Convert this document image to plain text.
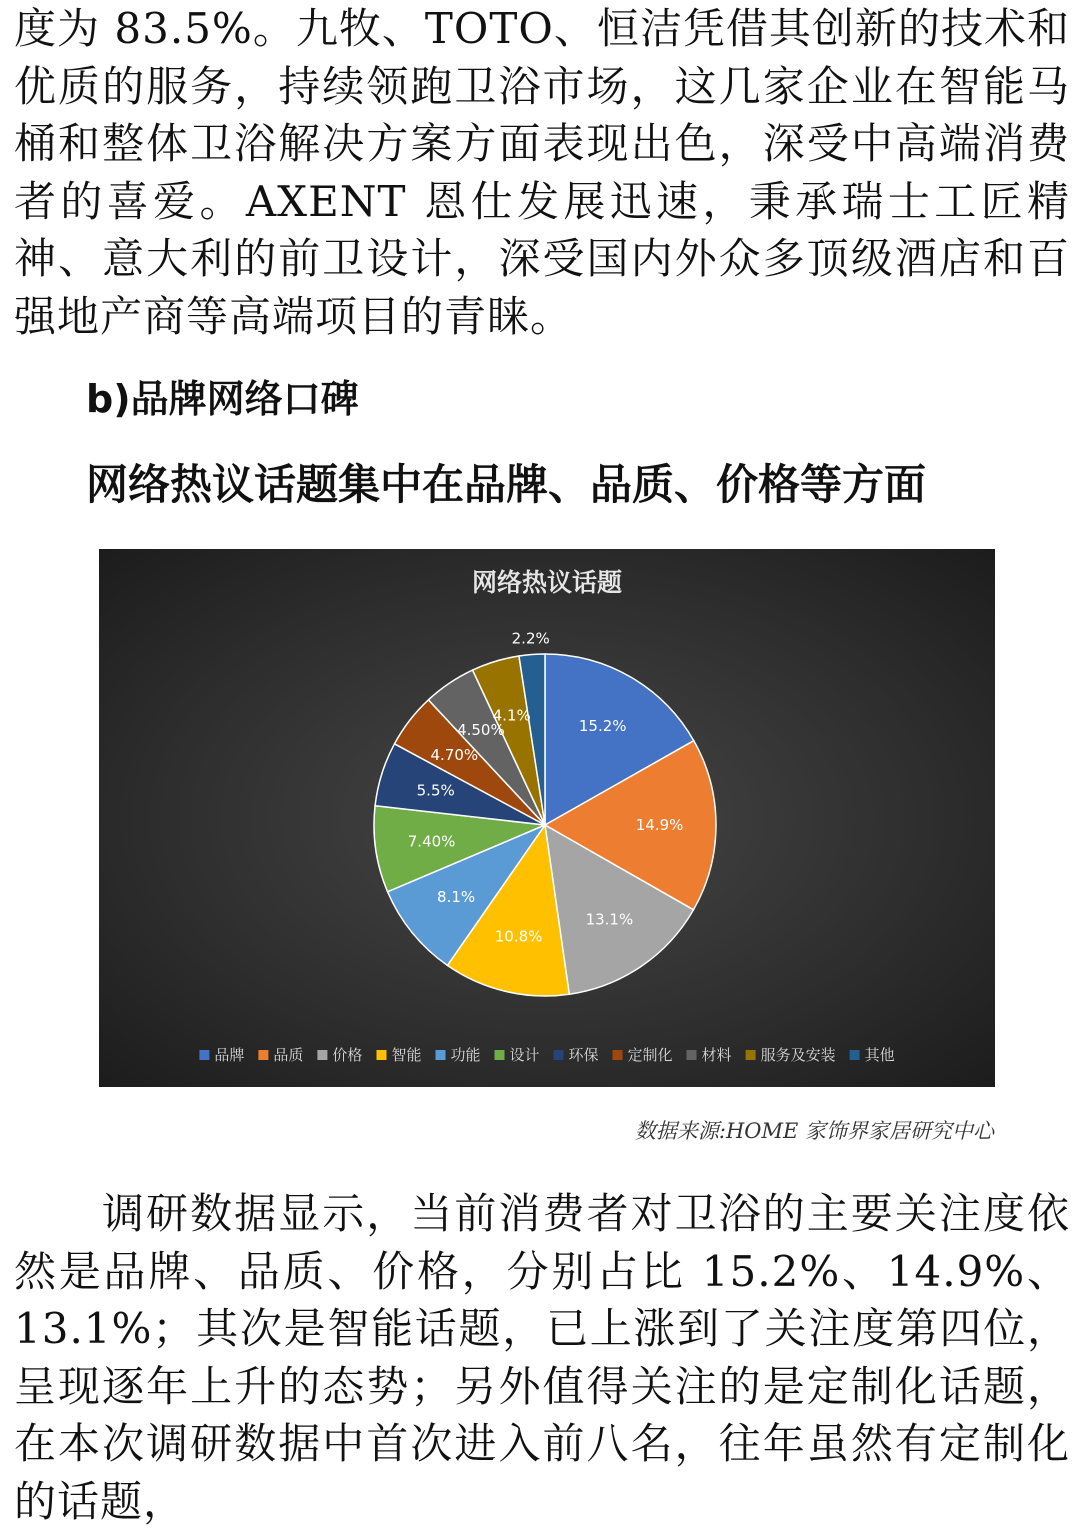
度为 83.5%。九牧、TOTO、恒洁凭借其创新的技术和优质的服务，持续领跑卫浴市场，这几家企业在智能马桶和整体卫浴解决方案方面表现出色，深受中高端消费者的喜爱。AXENT 恩仕发展迅速，秉承瑞士工匠精神、意大利的前卫设计，深受国内外众多顶级酒店和百强地产商等高端项目的青睐。

b)品牌网络口碑
网络热议话题集中在品牌、品质、价格等方面
网络热议话题
15.2%
14.9%
13.1%
10.8%
8.1%
7.40%
5.5%
4.70%
4.50%
4.1%
2.2%
品牌 品质 价格 智能 功能 设计 环保 定制化 材料 服务及安装 其他
数据来源:HOME 家饰界家居研究中心

调研数据显示，当前消费者对卫浴的主要关注度依然是品牌、品质、价格，分别占比 15.2%、14.9%、13.1%；其次是智能话题，已上涨到了关注度第四位，呈现逐年上升的态势；另外值得关注的是定制化话题，在本次调研数据中首次进入前八名，往年虽然有定制化的话题，
